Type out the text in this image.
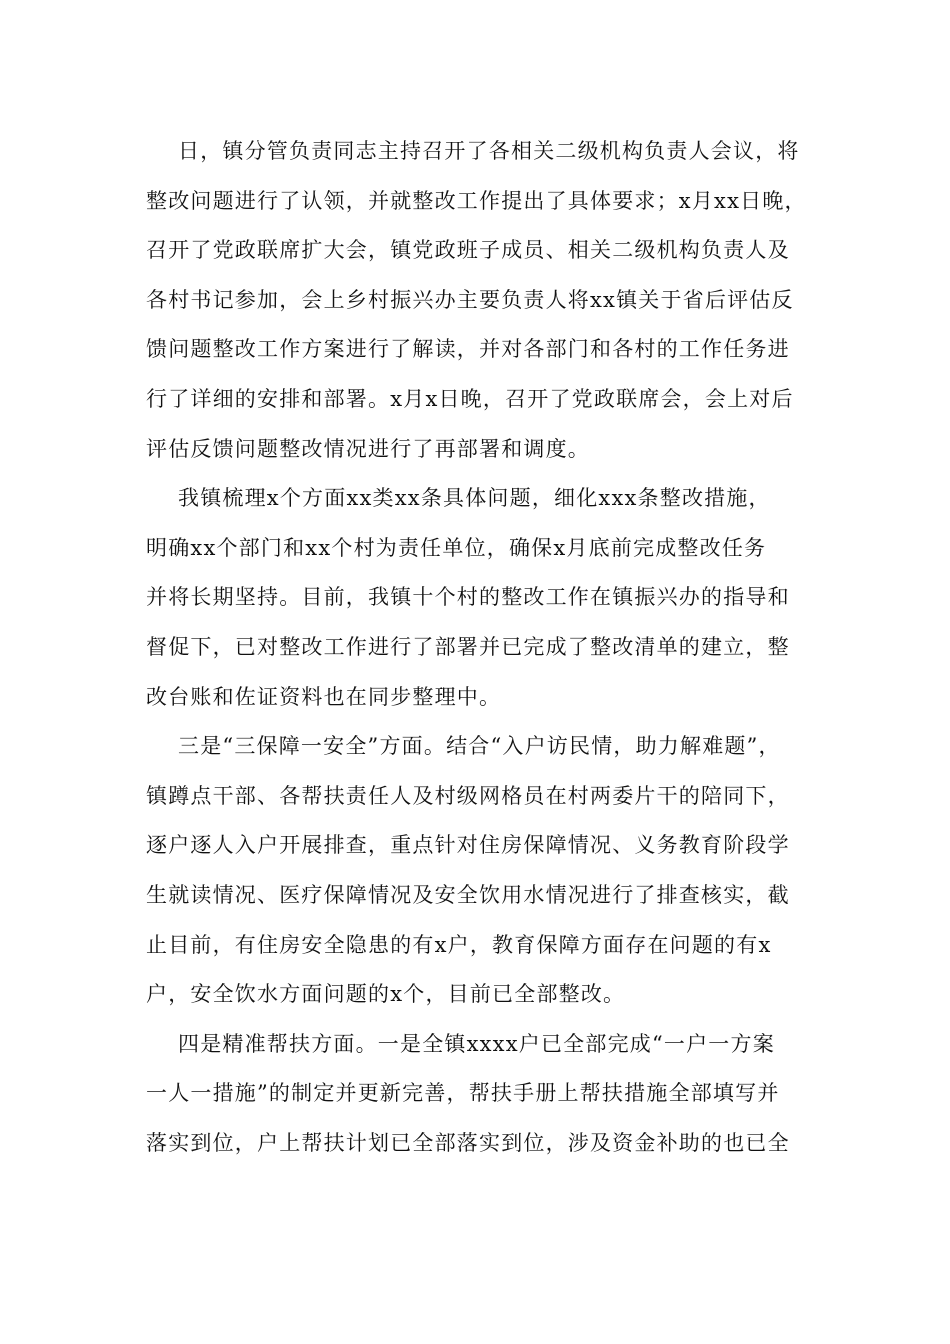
日，镇分管负责同志主持召开了各相关二级机构负责人会议，将
整改问题进行了认领，并就整改工作提出了具体要求；x月xx日晚，
召开了党政联席扩大会，镇党政班子成员、相关二级机构负责人及
各村书记参加，会上乡村振兴办主要负责人将xx镇关于省后评估反
馈问题整改工作方案进行了解读，并对各部门和各村的工作任务进
行了详细的安排和部署。x月x日晚，召开了党政联席会，会上对后
评估反馈问题整改情况进行了再部署和调度。
我镇梳理x个方面xx类xx条具体问题，细化xxx条整改措施，
明确xx个部门和xx个村为责任单位，确保x月底前完成整改任务
并将长期坚持。目前，我镇十个村的整改工作在镇振兴办的指导和
督促下，已对整改工作进行了部署并已完成了整改清单的建立，整
改台账和佐证资料也在同步整理中。
三是“三保障一安全”方面。结合“入户访民情，助力解难题”，
镇蹲点干部、各帮扶责任人及村级网格员在村两委片干的陪同下，
逐户逐人入户开展排查，重点针对住房保障情况、义务教育阶段学
生就读情况、医疗保障情况及安全饮用水情况进行了排查核实，截
止目前，有住房安全隐患的有x户，教育保障方面存在问题的有x
户，安全饮水方面问题的x个，目前已全部整改。
四是精准帮扶方面。一是全镇xxxx户已全部完成“一户一方案
一人一措施”的制定并更新完善，帮扶手册上帮扶措施全部填写并
落实到位，户上帮扶计划已全部落实到位，涉及资金补助的也已全
